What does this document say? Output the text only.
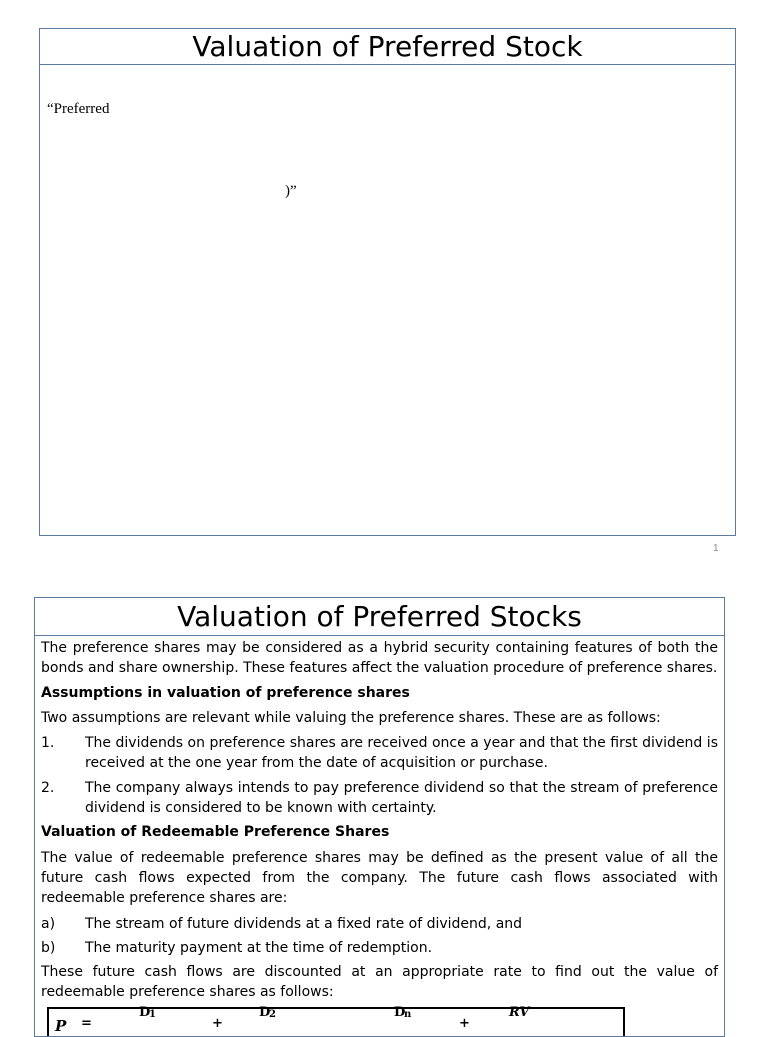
Valuation of Preferred Stock
“Preferred
)”
1
Valuation of Preferred Stocks

The preference shares may be considered as a hybrid security containing features of both the bonds and share ownership. These features affect the valuation procedure of preference shares.

Assumptions in valuation of preference shares

Two assumptions are relevant while valuing the preference shares. These are as follows:

1. The dividends on preference shares are received once a year and that the first dividend is received at the one year from the date of acquisition or purchase.

2. The company always intends to pay preference dividend so that the stream of preference dividend is considered to be known with certainty.

Valuation of Redeemable Preference Shares

The value of redeemable preference shares may be defined as the present value of all the future cash flows expected from the company. The future cash flows associated with redeemable preference shares are:

a) The stream of future dividends at a fixed rate of dividend, and

b) The maturity payment at the time of redemption.

These future cash flows are discounted at an appropriate rate to find out the value of redeemable preference shares as follows:

P =
D
1
+
D
2	D
n
+
RV
